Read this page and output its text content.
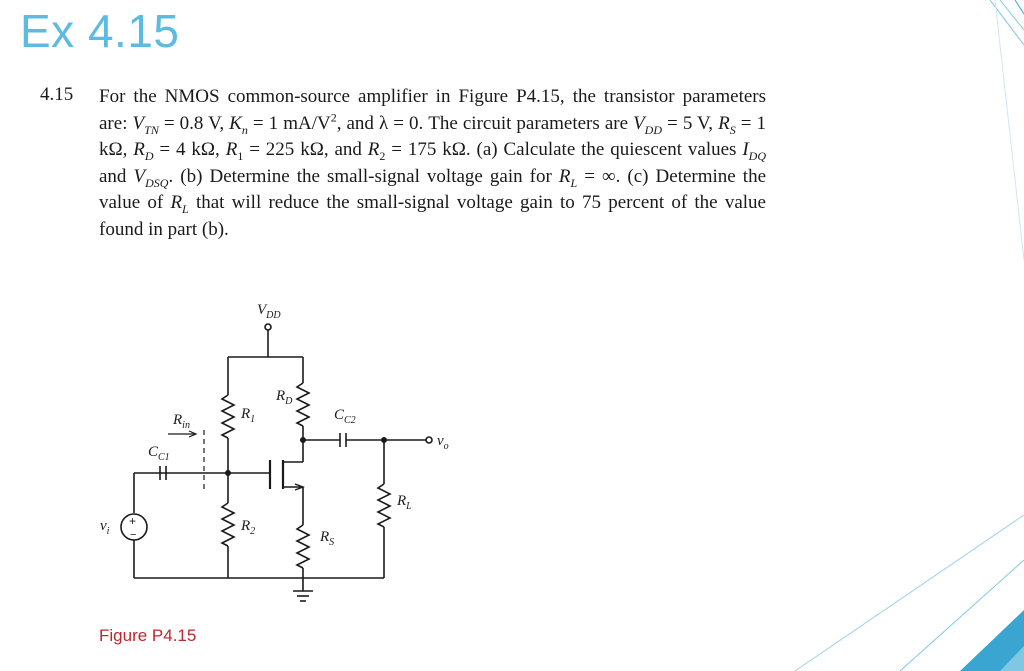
Ex 4.15
4.15 For the NMOS common-source amplifier in Figure P4.15, the transistor parameters are: $V_{TN} = 0.8$ V, $K_n = 1$ $mA/V^2$, and λ = 0. The circuit parameters are $V_{DD} = 5$ V, $R_S = 1$ kΩ, $R_D = 4$ kΩ, $R_1 = 225$ kΩ, and $R_2 = 175$ kΩ. (a) Calculate the quiescent values $I_{DQ}$ and $V_{DSQ}$. (b) Determine the small-signal voltage gain for $R_L$ = ∞. (c) Determine the value of $R_L$ that will reduce the small-signal voltage gain to 75 percent of the value found in part (b).

$V_{DD}$
$R_D$
$R_1$
$R_2$	$R_S$
$R_L$
$C_{C1}$
$C_{C2}$
$R_{in}$
$v_i$
$v_o$
+
−
Figure P4.15
